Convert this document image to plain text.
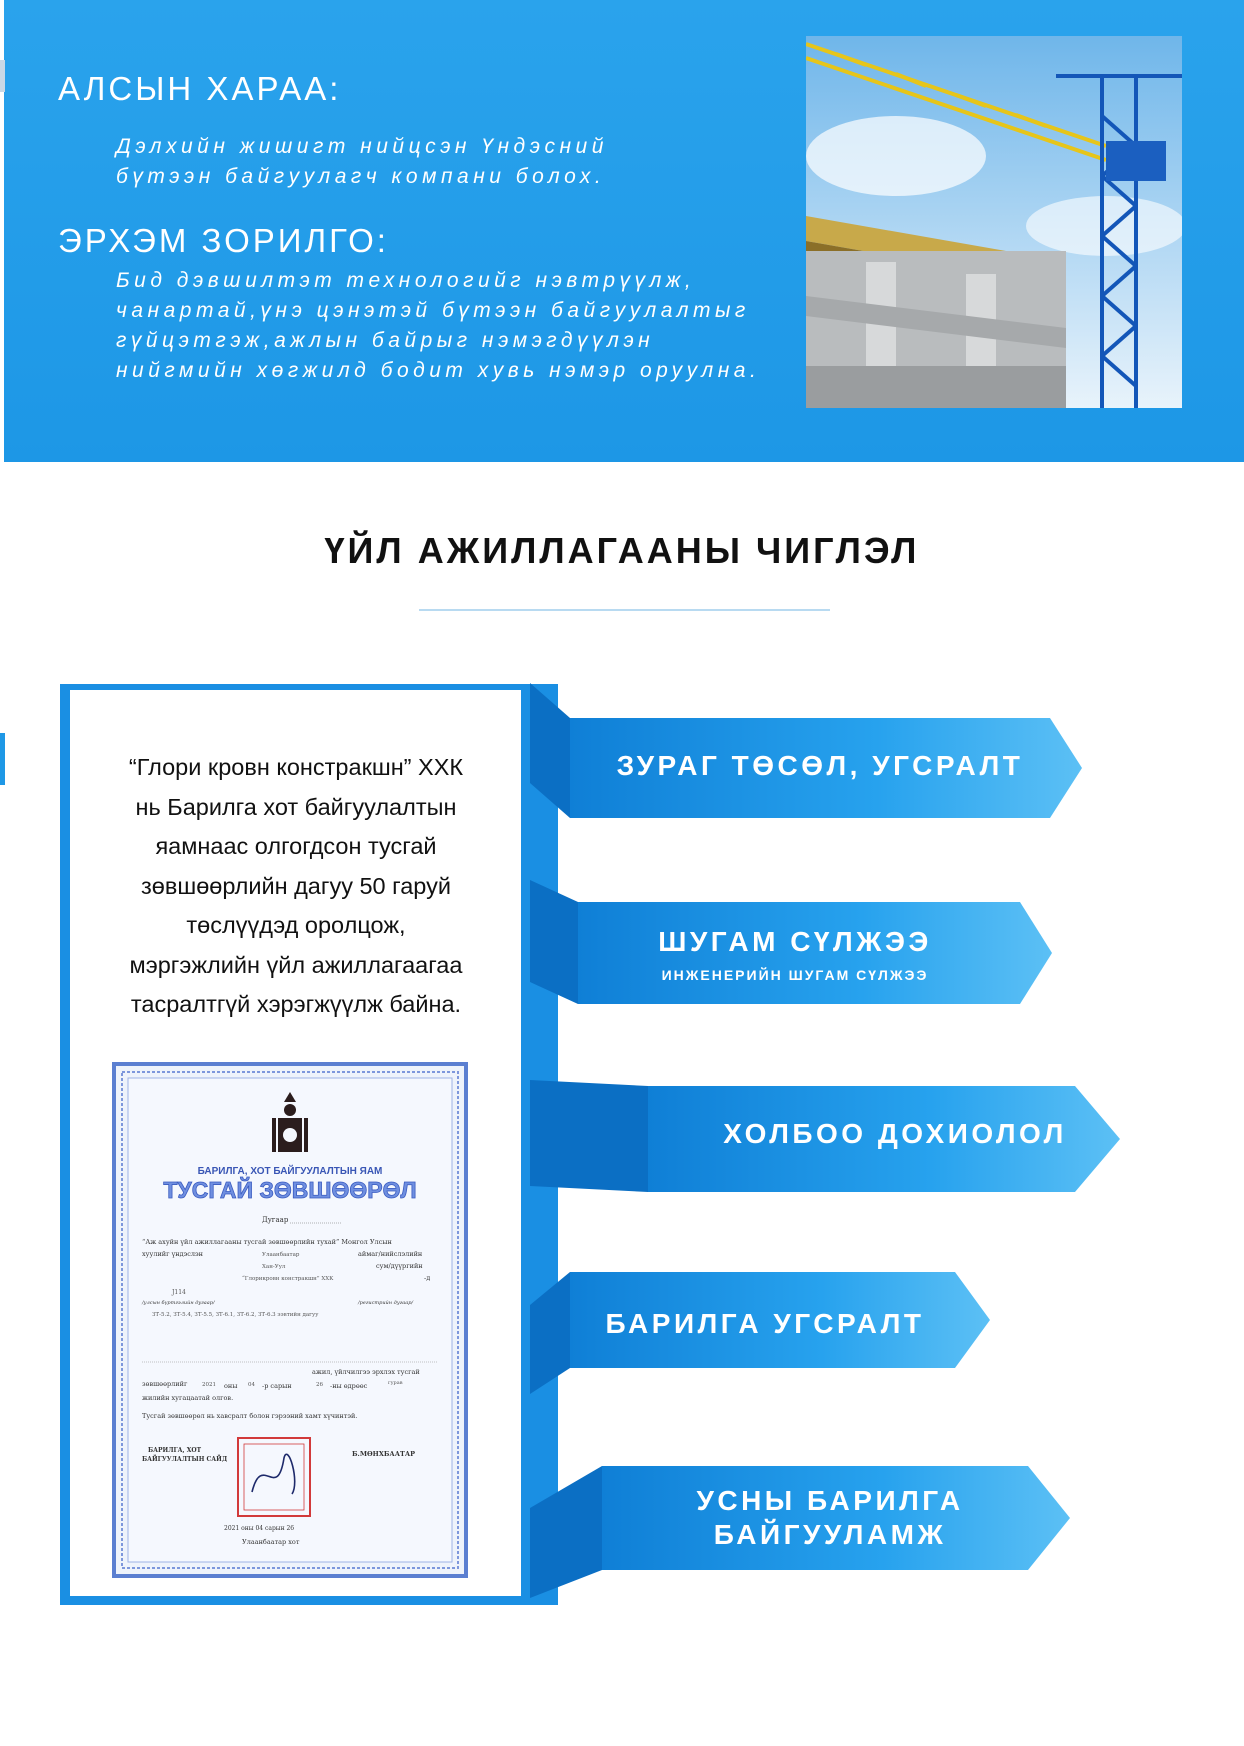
АЛСЫН ХАРАА:

Дэлхийн жишигт нийцсэн Үндэсний
бүтээн байгуулагч компани болох.

ЭРХЭМ ЗОРИЛГО:

Бид дэвшилтэт технологийг нэвтрүүлж,
чанартай,үнэ цэнэтэй бүтээн байгуулалтыг
гүйцэтгэж,ажлын байрыг нэмэгдүүлэн
нийгмийн хөгжилд бодит хувь нэмэр оруулна.

ҮЙЛ АЖИЛЛАГААНЫ ЧИГЛЭЛ

“Глори кровн констракшн” ХХК
нь Барилга хот байгуулалтын
яамнаас олгогдсон тусгай
зөвшөөрлийн дагуу 50 гаруй
төслүүдэд оролцож,
мэргэжлийн үйл ажиллагаагаа
тасралтгүй хэрэгжүүлж байна.

БАРИЛГА, ХОТ БАЙГУУЛАЛТЫН ЯАМ
ТУСГАЙ ЗӨВШӨӨРӨЛ
Дугаар
“Аж ахуйн үйл ажиллагааны тусгай зөвшөөрлийн тухай” Монгол Улсын
хуулийг үндэслэн	Улаанбаатар	аймаг/нийслэлийн
Хан-Уул	сум/дүүргийн
“Глорикровн констракшн” ХХК	-д
J114
/улсын бүртгэлийн дугаар/	/регистрийн дугаар/
ЗТ-5.2, ЗТ-5.4, ЗТ-5.5, ЗТ-6.1, ЗТ-6.2, ЗТ-6.3 ээвтийн дагуу
ажил, үйлчилгээ эрхлэх тусгай
зөвшөөрлийг	2021 оны 04 -р сарын	26 -ны өдрөөс	гурав
жилийн хугацаатай олгов.
Тусгай зөвшөөрөл нь хавсралт болон гэрээний хамт хүчинтэй.
БАРИЛГА, ХОТ
БАЙГУУЛАЛТЫН САЙД
Б.МӨНХБААТАР
2021 оны 04 сарын 26
Улаанбаатар хот
ЗУРАГ ТӨСӨЛ, УГСРАЛТ
ШУГАМ СҮЛЖЭЭ
ИНЖЕНЕРИЙН ШУГАМ СҮЛЖЭЭ
ХОЛБОО ДОХИОЛОЛ
БАРИЛГА УГСРАЛТ
УСНЫ БАРИЛГА
БАЙГУУЛАМЖ
